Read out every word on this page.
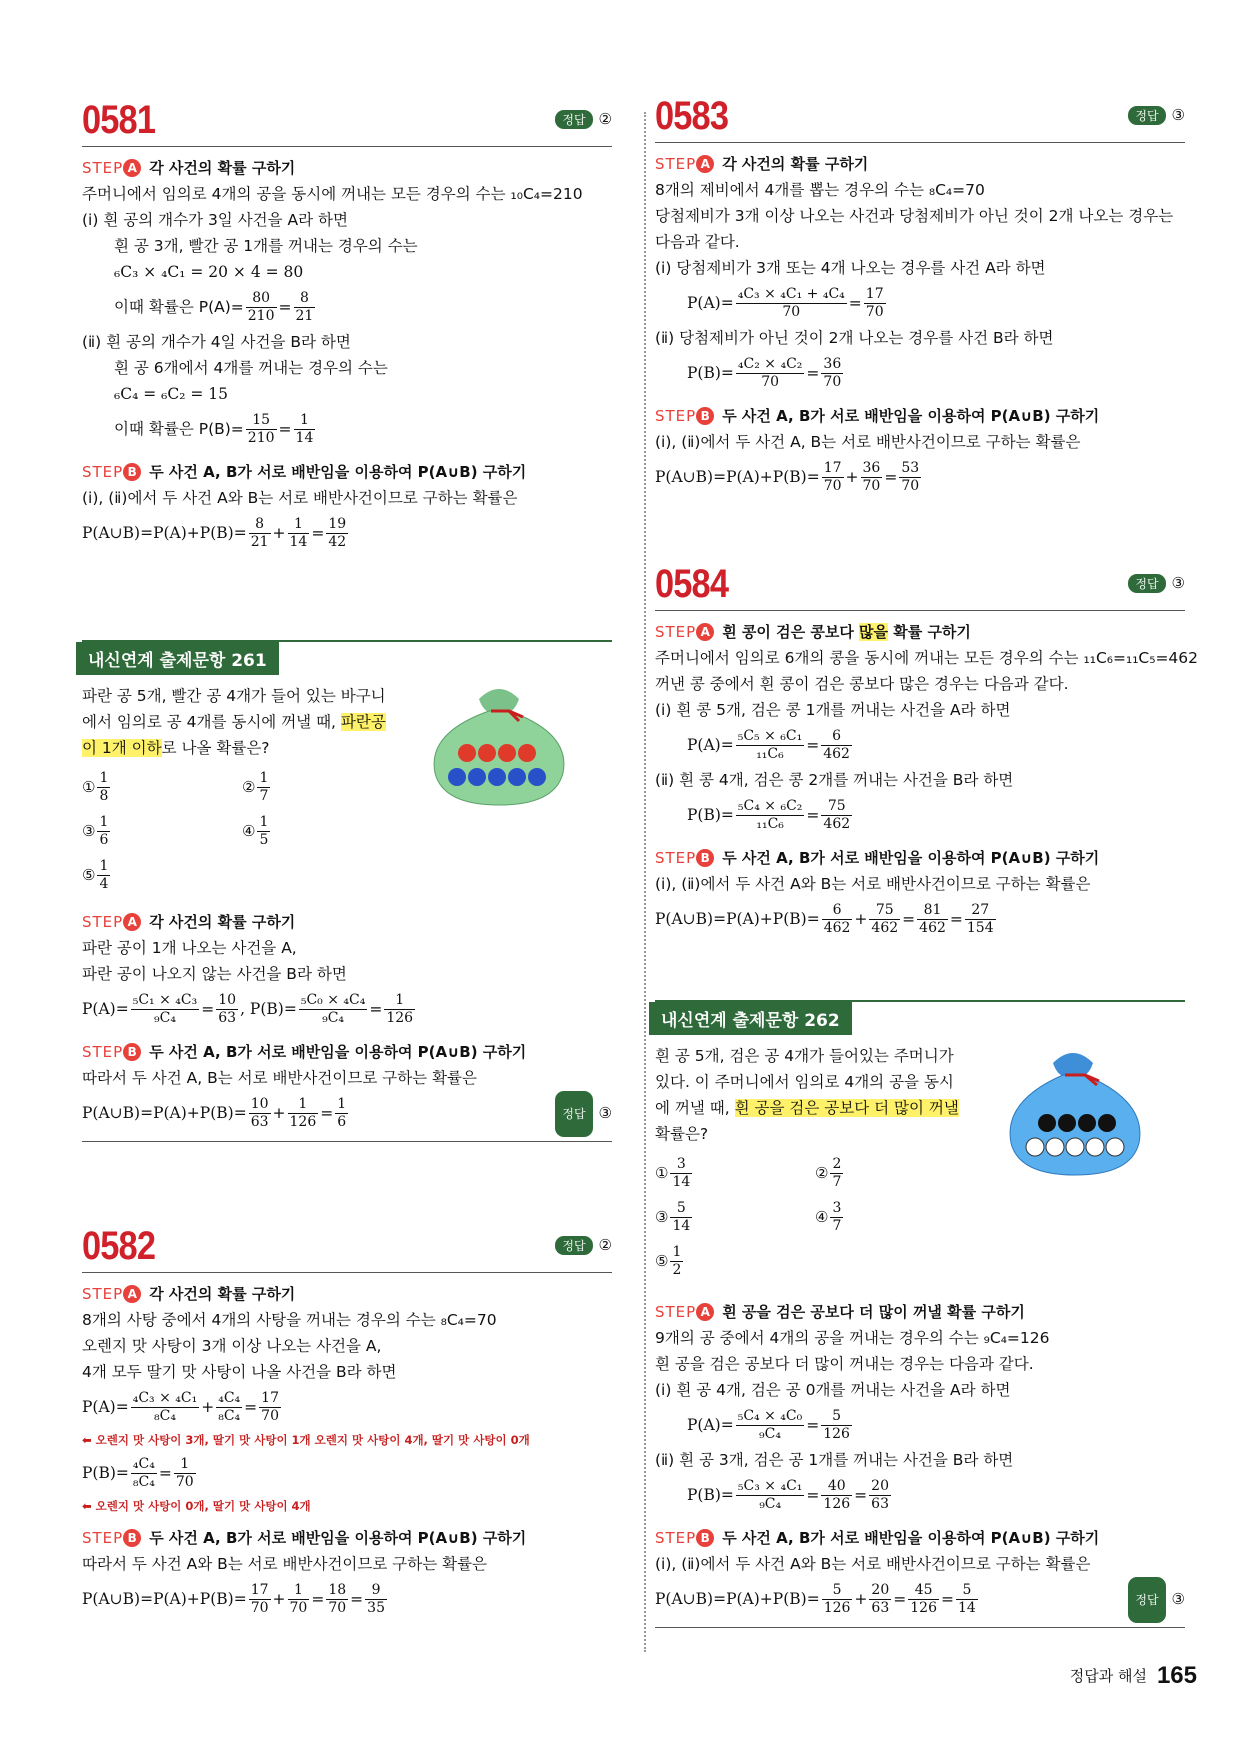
0581	정답 ②
STEP A 각 사건의 확률 구하기
주머니에서 임의로 4개의 공을 동시에 꺼내는 모든 경우의 수는 ₁₀C₄=210
(ⅰ) 흰 공의 개수가 3일 사건을 A라 하면
흰 공 3개, 빨간 공 1개를 꺼내는 경우의 수는
₆C₃ × ₄C₁ = 20 × 4 = 80
이때 확률은 $P(A)= \frac{80}{210} = \frac{8}{21}$
(ⅱ) 흰 공의 개수가 4일 사건을 B라 하면
흰 공 6개에서 4개를 꺼내는 경우의 수는
₆C₄ = ₆C₂ = 15
이때 확률은 $P(B)= \frac{15}{210} = \frac{1}{14}$
STEP B 두 사건 A, B가 서로 배반임을 이용하여 P(A∪B) 구하기
(ⅰ), (ⅱ)에서 두 사건 A와 B는 서로 배반사건이므로 구하는 확률은
P(A∪B)=P(A)+P(B)= $\frac{8}{21} + \frac{1}{14} = \frac{19}{42}$
내신연계 출제문항 261
파란 공 5개, 빨간 공 4개가 들어 있는 바구니
에서 임의로 공 4개를 동시에 꺼낼 때, 파란공
이 1개 이하로 나올 확률은?
① $\frac{1}{8}$	② $\frac{1}{7}$
③ $\frac{1}{6}$	④ $\frac{1}{5}$
⑤ $\frac{1}{4}$
STEP A 각 사건의 확률 구하기
파란 공이 1개 나오는 사건을 A,
파란 공이 나오지 않는 사건을 B라 하면
$P(A)= \frac{\text{₅C₁ × ₄C₃}}{\text{₉C₄}} = \frac{10}{63}$ , $P(B)= \frac{\text{₅C₀ × ₄C₄}}{\text{₉C₄}} = \frac{1}{126}$
STEP B 두 사건 A, B가 서로 배반임을 이용하여 P(A∪B) 구하기
따라서 두 사건 A, B는 서로 배반사건이므로 구하는 확률은
P(A∪B)=P(A)+P(B)= $\frac{10}{63} + \frac{1}{126} = \frac{1}{6}$	정답 ③
0582	정답 ②
STEP A 각 사건의 확률 구하기
8개의 사탕 중에서 4개의 사탕을 꺼내는 경우의 수는 ₈C₄=70
오렌지 맛 사탕이 3개 이상 나오는 사건을 A,
4개 모두 딸기 맛 사탕이 나올 사건을 B라 하면
$P(A)= \frac{\text{₄C₃ × ₄C₁}}{\text{₈C₄}} + \frac{\text{₄C₄}}{\text{₈C₄}} = \frac{17}{70}$
⬅ 오렌지 맛 사탕이 3개, 딸기 맛 사탕이 1개 오렌지 맛 사탕이 4개, 딸기 맛 사탕이 0개
$P(B)= \frac{\text{₄C₄}}{\text{₈C₄}} = \frac{1}{70}$
⬅ 오렌지 맛 사탕이 0개, 딸기 맛 사탕이 4개
STEP B 두 사건 A, B가 서로 배반임을 이용하여 P(A∪B) 구하기
따라서 두 사건 A와 B는 서로 배반사건이므로 구하는 확률은
P(A∪B)=P(A)+P(B)= $\frac{17}{70} + \frac{1}{70} = \frac{18}{70} = \frac{9}{35}$
0583	정답 ③
STEP A 각 사건의 확률 구하기
8개의 제비에서 4개를 뽑는 경우의 수는 ₈C₄=70
당첨제비가 3개 이상 나오는 사건과 당첨제비가 아닌 것이 2개 나오는 경우는
다음과 같다.
(ⅰ) 당첨제비가 3개 또는 4개 나오는 경우를 사건 A라 하면
$P(A)= \frac{\text{₄C₃ × ₄C₁ + ₄C₄}}{70} = \frac{17}{70}$
(ⅱ) 당첨제비가 아닌 것이 2개 나오는 경우를 사건 B라 하면
$P(B)= \frac{\text{₄C₂ × ₄C₂}}{70} = \frac{36}{70}$
STEP B 두 사건 A, B가 서로 배반임을 이용하여 P(A∪B) 구하기
(ⅰ), (ⅱ)에서 두 사건 A, B는 서로 배반사건이므로 구하는 확률은
P(A∪B)=P(A)+P(B)= $\frac{17}{70} + \frac{36}{70} = \frac{53}{70}$
0584	정답 ③
STEP A 흰 콩이 검은 콩보다 많을 확률 구하기
주머니에서 임의로 6개의 콩을 동시에 꺼내는 모든 경우의 수는 ₁₁C₆=₁₁C₅=462
꺼낸 콩 중에서 흰 콩이 검은 콩보다 많은 경우는 다음과 같다.
(ⅰ) 흰 콩 5개, 검은 콩 1개를 꺼내는 사건을 A라 하면
$P(A)= \frac{\text{₅C₅ × ₆C₁}}{\text{₁₁C₆}} = \frac{6}{462}$
(ⅱ) 흰 콩 4개, 검은 콩 2개를 꺼내는 사건을 B라 하면
$P(B)= \frac{\text{₅C₄ × ₆C₂}}{\text{₁₁C₆}} = \frac{75}{462}$
STEP B 두 사건 A, B가 서로 배반임을 이용하여 P(A∪B) 구하기
(ⅰ), (ⅱ)에서 두 사건 A와 B는 서로 배반사건이므로 구하는 확률은
P(A∪B)=P(A)+P(B)= $\frac{6}{462} + \frac{75}{462} = \frac{81}{462} = \frac{27}{154}$
내신연계 출제문항 262
흰 공 5개, 검은 공 4개가 들어있는 주머니가
있다. 이 주머니에서 임의로 4개의 공을 동시
에 꺼낼 때, 흰 공을 검은 공보다 더 많이 꺼낼
확률은?
① $\frac{3}{14}$	② $\frac{2}{7}$
③ $\frac{5}{14}$	④ $\frac{3}{7}$
⑤ $\frac{1}{2}$
STEP A 흰 공을 검은 공보다 더 많이 꺼낼 확률 구하기
9개의 공 중에서 4개의 공을 꺼내는 경우의 수는 ₉C₄=126
흰 공을 검은 공보다 더 많이 꺼내는 경우는 다음과 같다.
(ⅰ) 흰 공 4개, 검은 공 0개를 꺼내는 사건을 A라 하면
$P(A)= \frac{\text{₅C₄ × ₄C₀}}{\text{₉C₄}} = \frac{5}{126}$
(ⅱ) 흰 공 3개, 검은 공 1개를 꺼내는 사건을 B라 하면
$P(B)= \frac{\text{₅C₃ × ₄C₁}}{\text{₉C₄}} = \frac{40}{126} = \frac{20}{63}$
STEP B 두 사건 A, B가 서로 배반임을 이용하여 P(A∪B) 구하기
(ⅰ), (ⅱ)에서 두 사건 A와 B는 서로 배반사건이므로 구하는 확률은
P(A∪B)=P(A)+P(B)= $\frac{5}{126} + \frac{20}{63} = \frac{45}{126} = \frac{5}{14}$	정답 ③
정답과 해설 165
